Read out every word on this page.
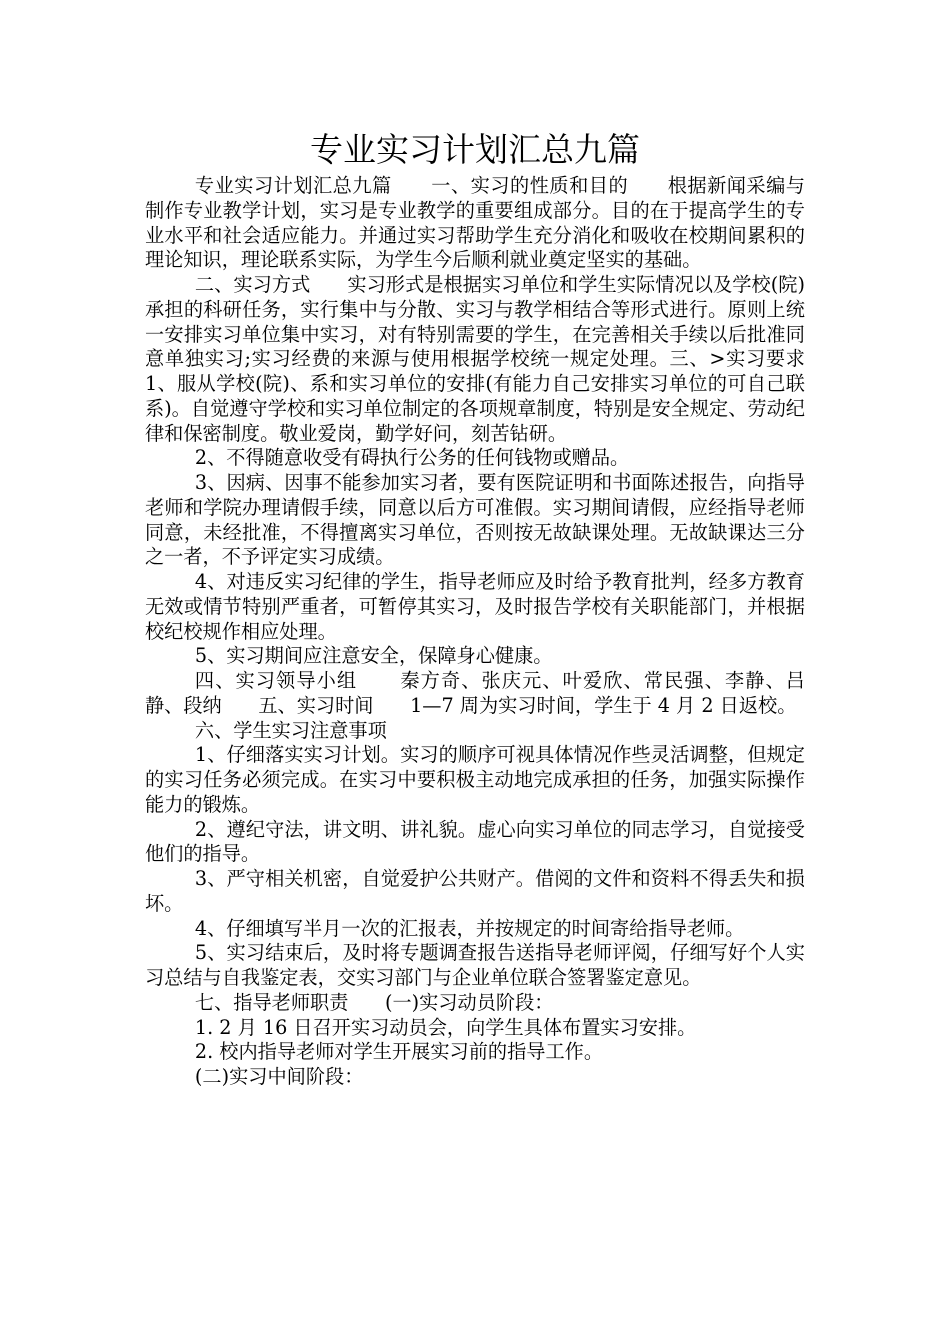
专业实习计划汇总九篇

专业实习计划汇总九篇      一、实习的性质和目的      根据新闻采编与制作专业教学计划，实习是专业教学的重要组成部分。目的在于提高学生的专业水平和社会适应能力。并通过实习帮助学生充分消化和吸收在校期间累积的理论知识，理论联系实际，为学生今后顺利就业奠定坚实的基础。

二、实习方式      实习形式是根据实习单位和学生实际情况以及学校(院)承担的科研任务，实行集中与分散、实习与教学相结合等形式进行。原则上统一安排实习单位集中实习，对有特别需要的学生，在完善相关手续以后批准同意单独实习;实习经费的来源与使用根据学校统一规定处理。三、>实习要求      1、服从学校(院)、系和实习单位的安排(有能力自己安排实习单位的可自己联系)。自觉遵守学校和实习单位制定的各项规章制度，特别是安全规定、劳动纪律和保密制度。敬业爱岗，勤学好问，刻苦钻研。

2、不得随意收受有碍执行公务的任何钱物或赠品。

3、因病、因事不能参加实习者，要有医院证明和书面陈述报告，向指导老师和学院办理请假手续，同意以后方可准假。实习期间请假，应经指导老师同意，未经批准，不得擅离实习单位，否则按无故缺课处理。无故缺课达三分之一者，不予评定实习成绩。

4、对违反实习纪律的学生，指导老师应及时给予教育批判，经多方教育无效或情节特别严重者，可暂停其实习，及时报告学校有关职能部门，并根据校纪校规作相应处理。

5、实习期间应注意安全，保障身心健康。

四、实习领导小组      秦方奇、张庆元、叶爱欣、常民强、李静、吕静、段纳      五、实习时间      1—7 周为实习时间，学生于 4 月 2 日返校。

六、学生实习注意事项

1、仔细落实实习计划。实习的顺序可视具体情况作些灵活调整，但规定的实习任务必须完成。在实习中要积极主动地完成承担的任务，加强实际操作能力的锻炼。

2、遵纪守法，讲文明、讲礼貌。虚心向实习单位的同志学习，自觉接受他们的指导。

3、严守相关机密，自觉爱护公共财产。借阅的文件和资料不得丢失和损坏。

4、仔细填写半月一次的汇报表，并按规定的时间寄给指导老师。

5、实习结束后，及时将专题调查报告送指导老师评阅，仔细写好个人实习总结与自我鉴定表，交实习部门与企业单位联合签署鉴定意见。

七、指导老师职责      (一)实习动员阶段：

1. 2 月 16 日召开实习动员会，向学生具体布置实习安排。

2. 校内指导老师对学生开展实习前的指导工作。

(二)实习中间阶段：
